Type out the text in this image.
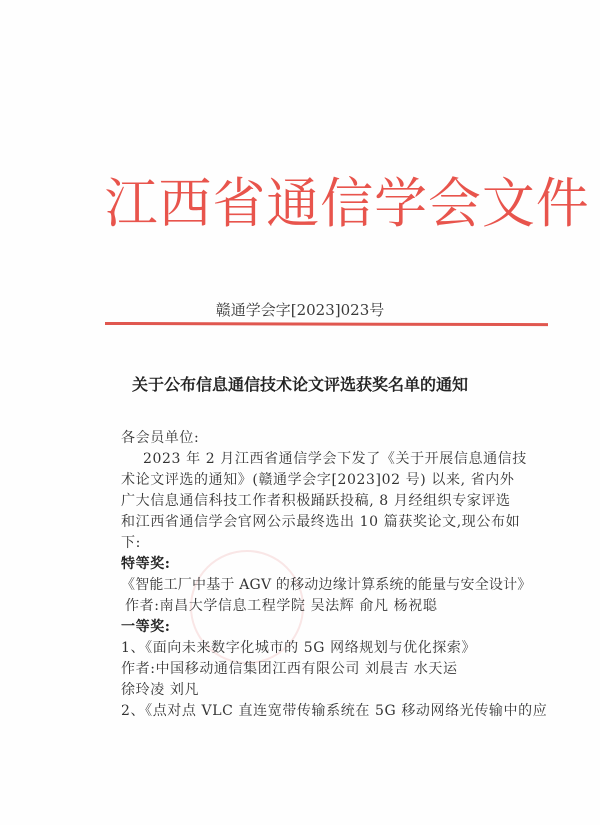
江西省通信学会文件
赣通学会字[2023]023号
关于公布信息通信技术论文评选获奖名单的通知
各会员单位:
2023 年 2 月江西省通信学会下发了《关于开展信息通信技
术论文评选的通知》(赣通学会字[2023]02 号) 以来, 省内外
广大信息通信科技工作者积极踊跃投稿, 8 月经组织专家评选
和江西省通信学会官网公示最终选出 10 篇获奖论文,现公布如
下:
特等奖:
《智能工厂中基于 AGV 的移动边缘计算系统的能量与安全设计》
作者:南昌大学信息工程学院 吴法辉 俞凡 杨祝聪
一等奖:
1、《面向未来数字化城市的 5G 网络规划与优化探索》
作者:中国移动通信集团江西有限公司 刘晨吉 水天运
徐玲凌 刘凡
2、《点对点 VLC 直连宽带传输系统在 5G 移动网络光传输中的应
